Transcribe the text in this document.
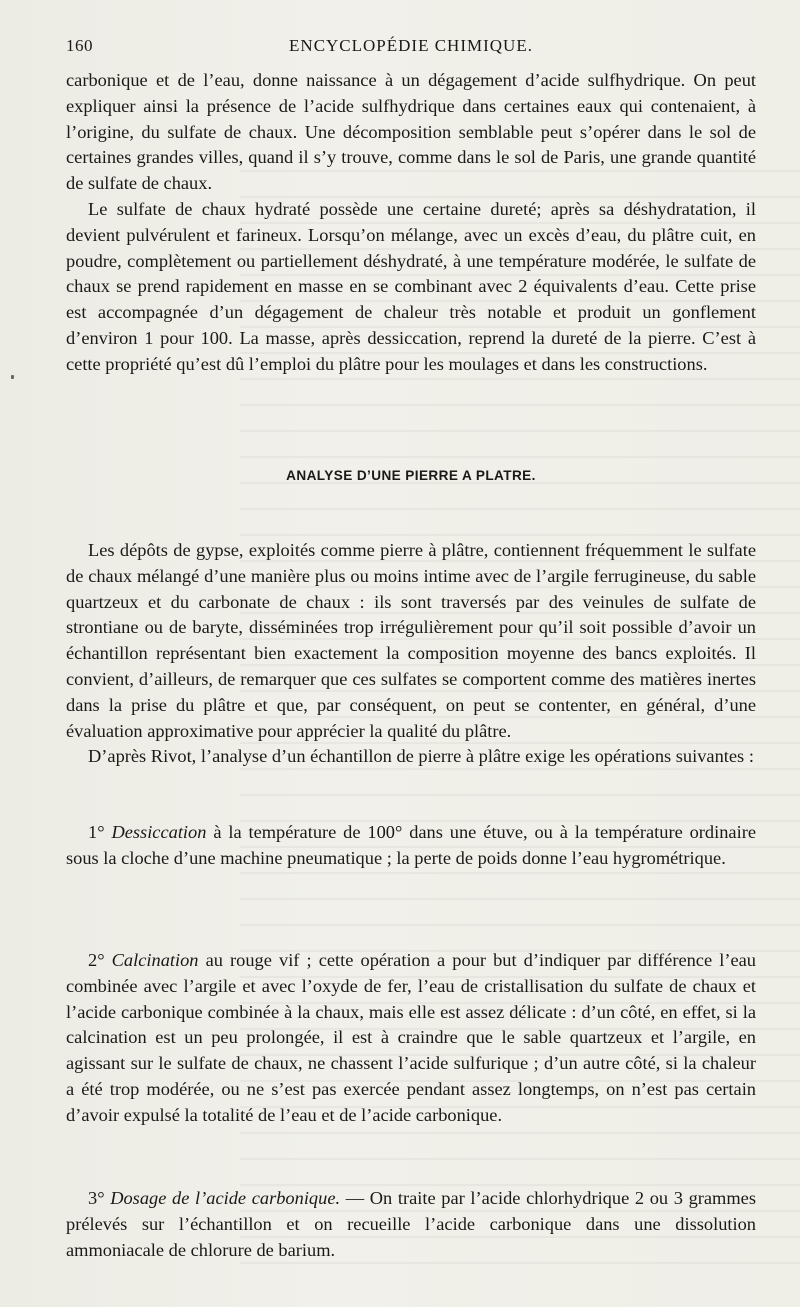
160	ENCYCLOPÉDIE CHIMIQUE.

carbonique et de l’eau, donne naissance à un dégagement d’acide sulfhydrique. On peut expliquer ainsi la présence de l’acide sulfhydrique dans certaines eaux qui contenaient, à l’origine, du sulfate de chaux. Une décomposition semblable peut s’opérer dans le sol de certaines grandes villes, quand il s’y trouve, comme dans le sol de Paris, une grande quantité de sulfate de chaux.

Le sulfate de chaux hydraté possède une certaine dureté; après sa déshydratation, il devient pulvérulent et farineux. Lorsqu’on mélange, avec un excès d’eau, du plâtre cuit, en poudre, complètement ou partiellement déshydraté, à une température modérée, le sulfate de chaux se prend rapidement en masse en se combinant avec 2 équivalents d’eau. Cette prise est accompagnée d’un dégagement de chaleur très notable et produit un gonflement d’environ 1 pour 100. La masse, après dessiccation, reprend la dureté de la pierre. C’est à cette propriété qu’est dû l’emploi du plâtre pour les moulages et dans les constructions.

ANALYSE D’UNE PIERRE A PLATRE.

Les dépôts de gypse, exploités comme pierre à plâtre, contiennent fréquemment le sulfate de chaux mélangé d’une manière plus ou moins intime avec de l’argile ferrugineuse, du sable quartzeux et du carbonate de chaux : ils sont traversés par des veinules de sulfate de strontiane ou de baryte, disséminées trop irrégulièrement pour qu’il soit possible d’avoir un échantillon représentant bien exactement la composition moyenne des bancs exploités. Il convient, d’ailleurs, de remarquer que ces sulfates se comportent comme des matières inertes dans la prise du plâtre et que, par conséquent, on peut se contenter, en général, d’une évaluation approximative pour apprécier la qualité du plâtre.

D’après Rivot, l’analyse d’un échantillon de pierre à plâtre exige les opérations suivantes :

1° Dessiccation à la température de 100° dans une étuve, ou à la température ordinaire sous la cloche d’une machine pneumatique ; la perte de poids donne l’eau hygrométrique.

2° Calcination au rouge vif ; cette opération a pour but d’indiquer par différence l’eau combinée avec l’argile et avec l’oxyde de fer, l’eau de cristallisation du sulfate de chaux et l’acide carbonique combinée à la chaux, mais elle est assez délicate : d’un côté, en effet, si la calcination est un peu prolongée, il est à craindre que le sable quartzeux et l’argile, en agissant sur le sulfate de chaux, ne chassent l’acide sulfurique ; d’un autre côté, si la chaleur a été trop modérée, ou ne s’est pas exercée pendant assez longtemps, on n’est pas certain d’avoir expulsé la totalité de l’eau et de l’acide carbonique.

3° Dosage de l’acide carbonique. — On traite par l’acide chlorhydrique 2 ou 3 grammes prélevés sur l’échantillon et on recueille l’acide carbonique dans une dissolution ammoniacale de chlorure de barium.
